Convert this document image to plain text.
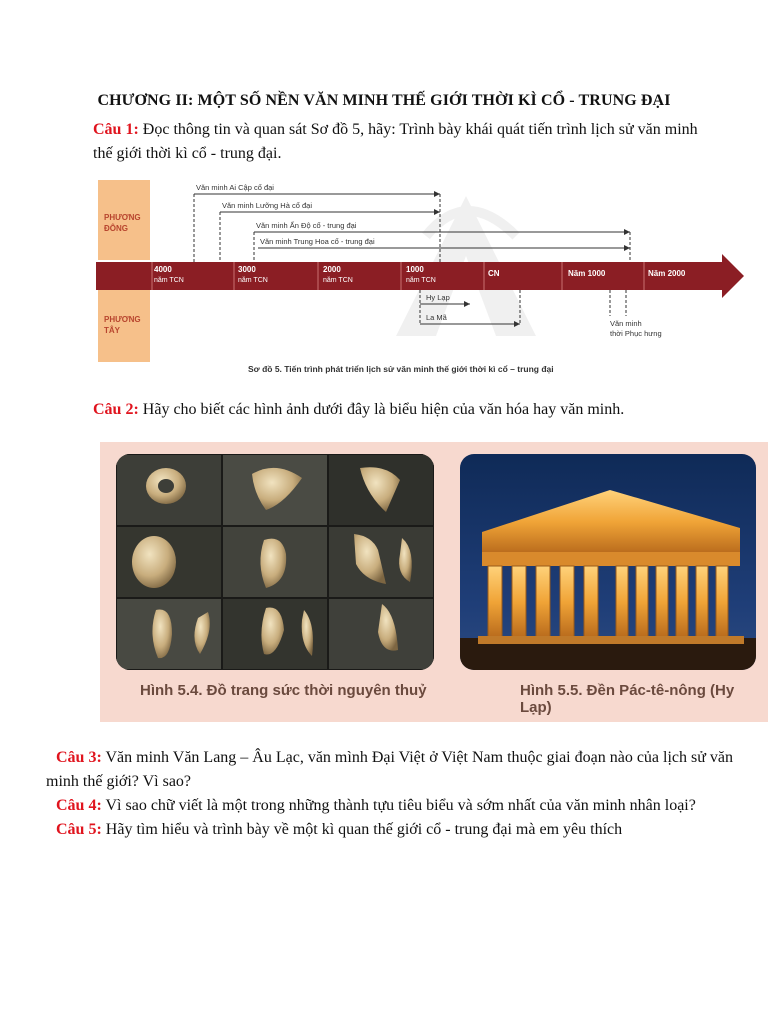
CHƯƠNG II: MỘT SỐ NỀN VĂN MINH THẾ GIỚI THỜI KÌ CỔ - TRUNG ĐẠI
Câu 1: Đọc thông tin và quan sát Sơ đồ 5, hãy: Trình bày khái quát tiến trình lịch sử văn minh
thế giới thời kì cổ - trung đại.
PHƯƠNG
ĐÔNG
PHƯƠNG
TÂY
4000
năm TCN
3000
năm TCN
2000
năm TCN
1000
năm TCN
CN	Năm 1000	Năm 2000
Văn minh Ai Cập cổ đại
Văn minh Lưỡng Hà cổ đại
Văn minh Ấn Độ cổ - trung đại
Văn minh Trung Hoa cổ - trung đại
Hy Lạp
La Mã
Văn minh
thời Phục hưng
Sơ đồ 5. Tiến trình phát triển lịch sử văn minh thế giới thời kì cổ – trung đại
Câu 2: Hãy cho biết các hình ảnh dưới đây là biểu hiện của văn hóa hay văn minh.
Hình 5.4. Đồ trang sức thời nguyên thuỷ	Hình 5.5. Đền Pác-tê-nông (Hy Lạp)
Câu 3: Văn minh Văn Lang – Âu Lạc, văn mình Đại Việt ở Việt Nam thuộc giai đoạn nào của lịch sử văn
minh thế giới? Vì sao?
Câu 4: Vì sao chữ viết là một trong những thành tựu tiêu biểu và sớm nhất của văn minh nhân loại?
Câu 5: Hãy tìm hiểu và trình bày về một kì quan thế giới cổ - trung đại mà em yêu thích
